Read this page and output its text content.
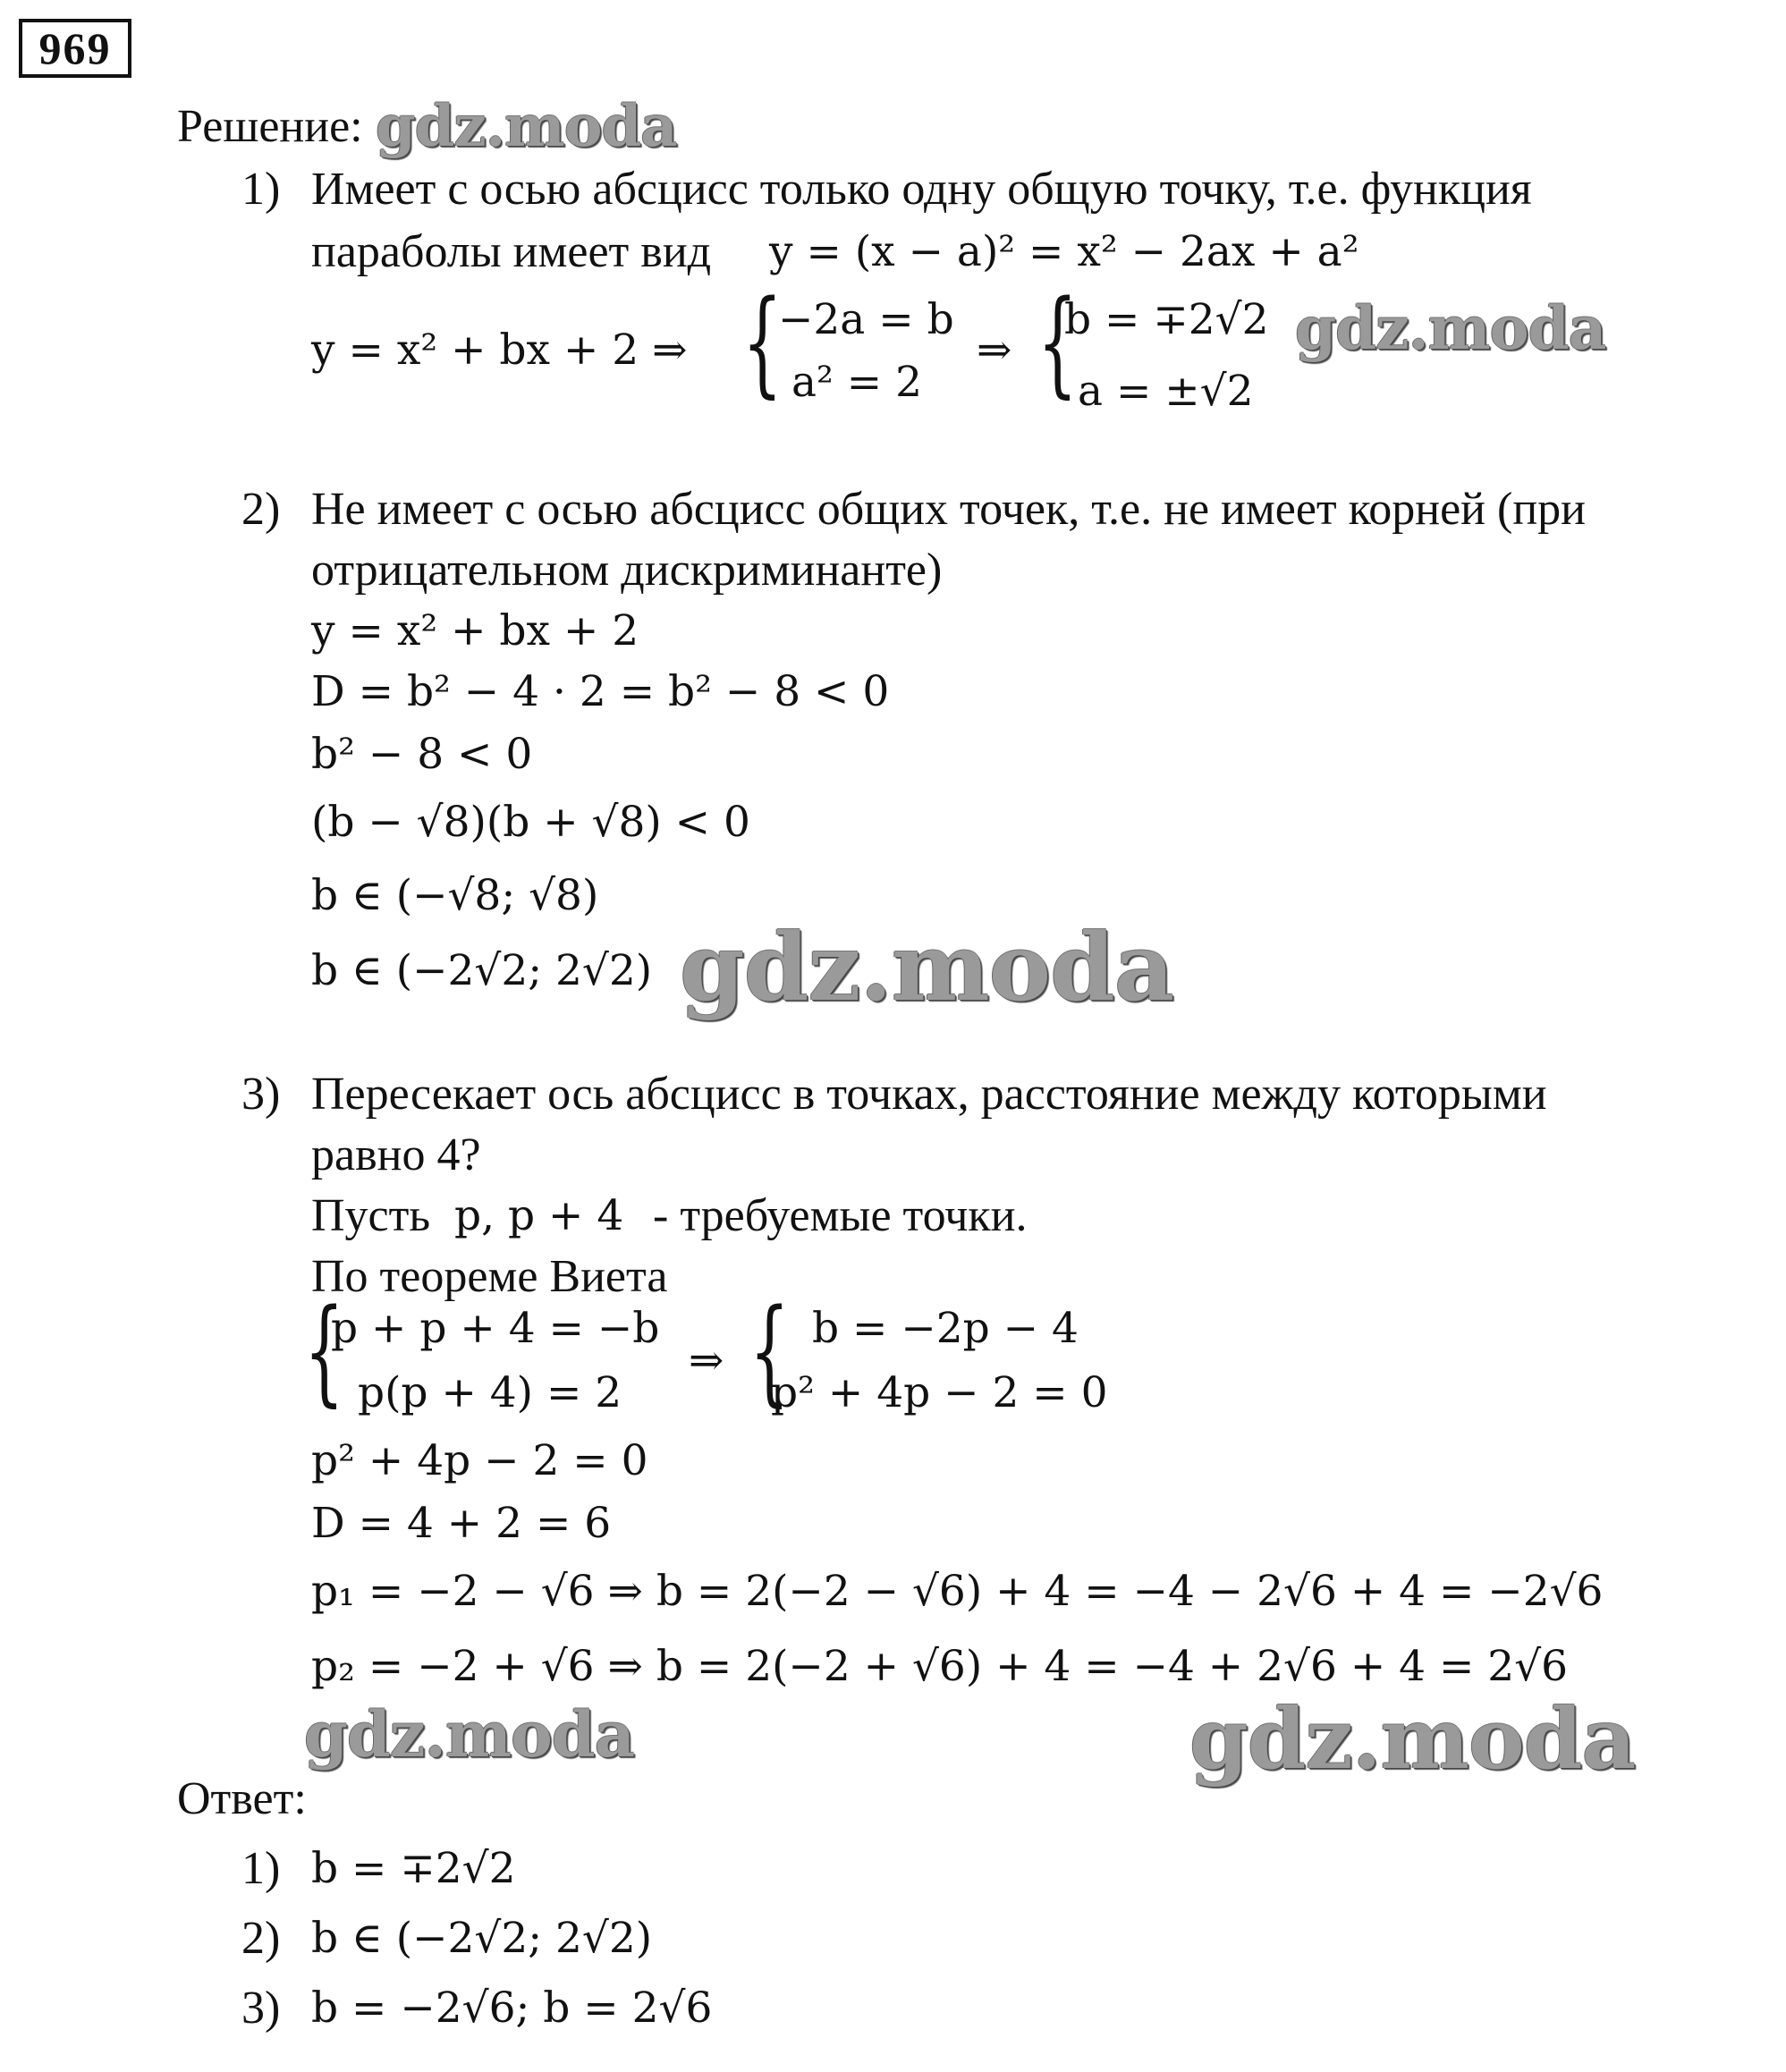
969
Решение: gdz.moda
1) Имеет с осью абсцисс только одну общую точку, т.е. функция
параболы имеет вид y = (x − a)² = x² − 2ax + a²
y = x² + bx + 2 ⇒ {
−2a = b
a² = 2
⇒ {
b = ∓2√2
a = ±√2
gdz.moda
2) Не имеет с осью абсцисс общих точек, т.е. не имеет корней (при
отрицательном дискриминанте)
y = x² + bx + 2
D = b² − 4 · 2 = b² − 8 < 0
b² − 8 < 0
(b − √8)(b + √8) < 0
b ∈ (−√8; √8)
b ∈ (−2√2; 2√2) gdz.moda
3) Пересекает ось абсцисс в точках, расстояние между которыми
равно 4?
Пусть p, p + 4 - требуемые точки.
По теореме Виета
{
p + p + 4 = −b
p(p + 4) = 2
⇒ { b = −2p − 4
p² + 4p − 2 = 0
p² + 4p − 2 = 0
D = 4 + 2 = 6
p₁ = −2 − √6 ⇒ b = 2(−2 − √6) + 4 = −4 − 2√6 + 4 = −2√6
p₂ = −2 + √6 ⇒ b = 2(−2 + √6) + 4 = −4 + 2√6 + 4 = 2√6
gdz.moda	gdz.moda
Ответ:
1) b = ∓2√2
2) b ∈ (−2√2; 2√2)
3) b = −2√6; b = 2√6
